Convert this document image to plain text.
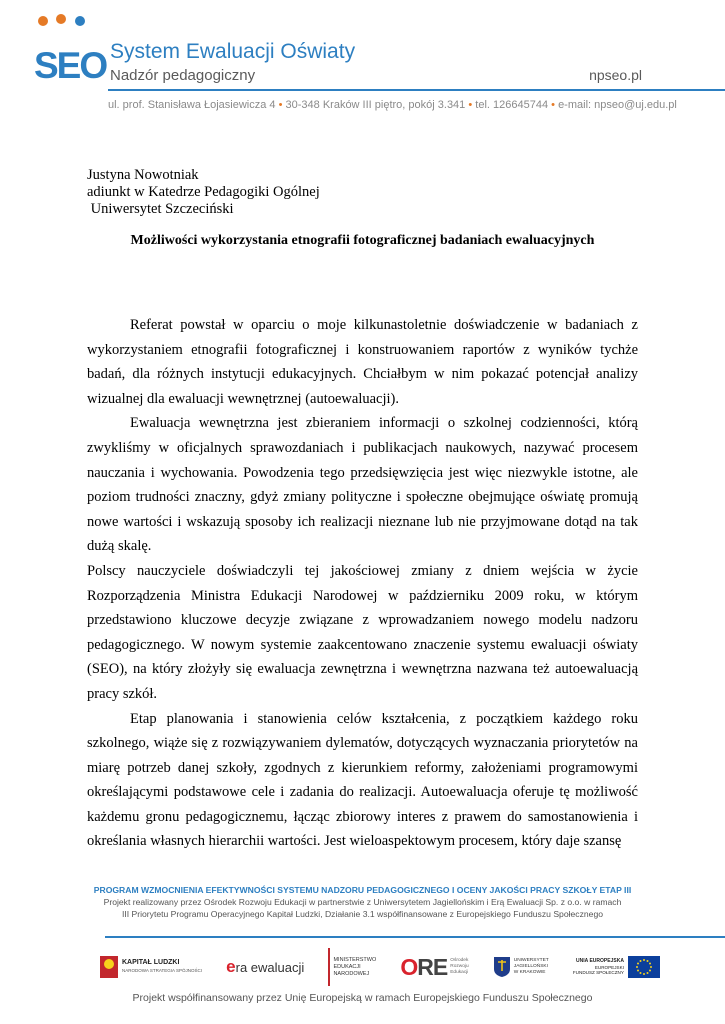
SEO System Ewaluacji Oświaty
Nadzór pedagogiczny	npseo.pl
ul. prof. Stanisława Łojasiewicza 4 • 30-348 Kraków III piętro, pokój 3.341 • tel. 126645744 • e-mail: npseo@uj.edu.pl
Justyna Nowotniak
adiunkt w Katedrze Pedagogiki Ogólnej
Uniwersytet Szczeciński
Możliwości wykorzystania etnografii fotograficznej badaniach ewaluacyjnych

Referat powstał w oparciu o moje kilkunastoletnie doświadczenie w badaniach z wykorzystaniem etnografii fotograficznej i konstruowaniem raportów z wyników tychże badań, dla różnych instytucji edukacyjnych. Chciałbym w nim pokazać potencjał analizy wizualnej dla ewaluacji wewnętrznej (autoewaluacji).

Ewaluacja wewnętrzna jest zbieraniem informacji o szkolnej codzienności, którą zwykliśmy w oficjalnych sprawozdaniach i publikacjach naukowych, nazywać procesem nauczania i wychowania. Powodzenia tego przedsięwzięcia jest więc niezwykle istotne, ale poziom trudności znaczny, gdyż zmiany polityczne i społeczne obejmujące oświatę promują nowe wartości i wskazują sposoby ich realizacji nieznane lub nie przyjmowane dotąd na tak dużą skalę.

Polscy nauczyciele doświadczyli tej jakościowej zmiany z dniem wejścia w życie Rozporządzenia Ministra Edukacji Narodowej w październiku 2009 roku, w którym przedstawiono kluczowe decyzje związane z wprowadzaniem nowego modelu nadzoru pedagogicznego. W nowym systemie zaakcentowano znaczenie systemu ewaluacji oświaty (SEO), na który złożyły się ewaluacja zewnętrzna i wewnętrzna nazwana też autoewaluacją pracy szkół.

Etap planowania i stanowienia celów kształcenia, z początkiem każdego roku szkolnego, wiąże się z rozwiązywaniem dylematów, dotyczących wyznaczania priorytetów na miarę potrzeb danej szkoły, zgodnych z kierunkiem reformy, założeniami programowymi określającymi podstawowe cele i zadania do realizacji. Autoewaluacja oferuje tę możliwość każdemu gronu pedagogicznemu, łącząc zbiorowy interes z prawem do samostanowienia i określania własnych hierarchii wartości. Jest wieloaspektowym procesem, który daje szansę

PROGRAM WZMOCNIENIA EFEKTYWNOŚCI SYSTEMU NADZORU PEDAGOGICZNEGO I OCENY JAKOŚCI PRACY SZKOŁY ETAP III
Projekt realizowany przez Ośrodek Rozwoju Edukacji w partnerstwie z Uniwersytetem Jagiellońskim i Erą Ewaluacji Sp. z o.o. w ramach
III Priorytetu Programu Operacyjnego Kapitał Ludzki, Działanie 3.1 współfinansowane z Europejskiego Funduszu Społecznego
KAPITAŁ LUDZKI
NARODOWA STRATEGIA SPÓJNOŚCI e ra ewaluacji	MINISTERSTWO
EDUKACJI
NARODOWEJ	ORE Ośrodek
Rozwoju
Edukacji
UNIWERSYTET
JAGIELLOŃSKI
W KRAKOWIE
UNIA EUROPEJSKA
EUROPEJSKI
FUNDUSZ SPOŁECZNY
Projekt współfinansowany przez Unię Europejską w ramach Europejskiego Funduszu Społecznego
